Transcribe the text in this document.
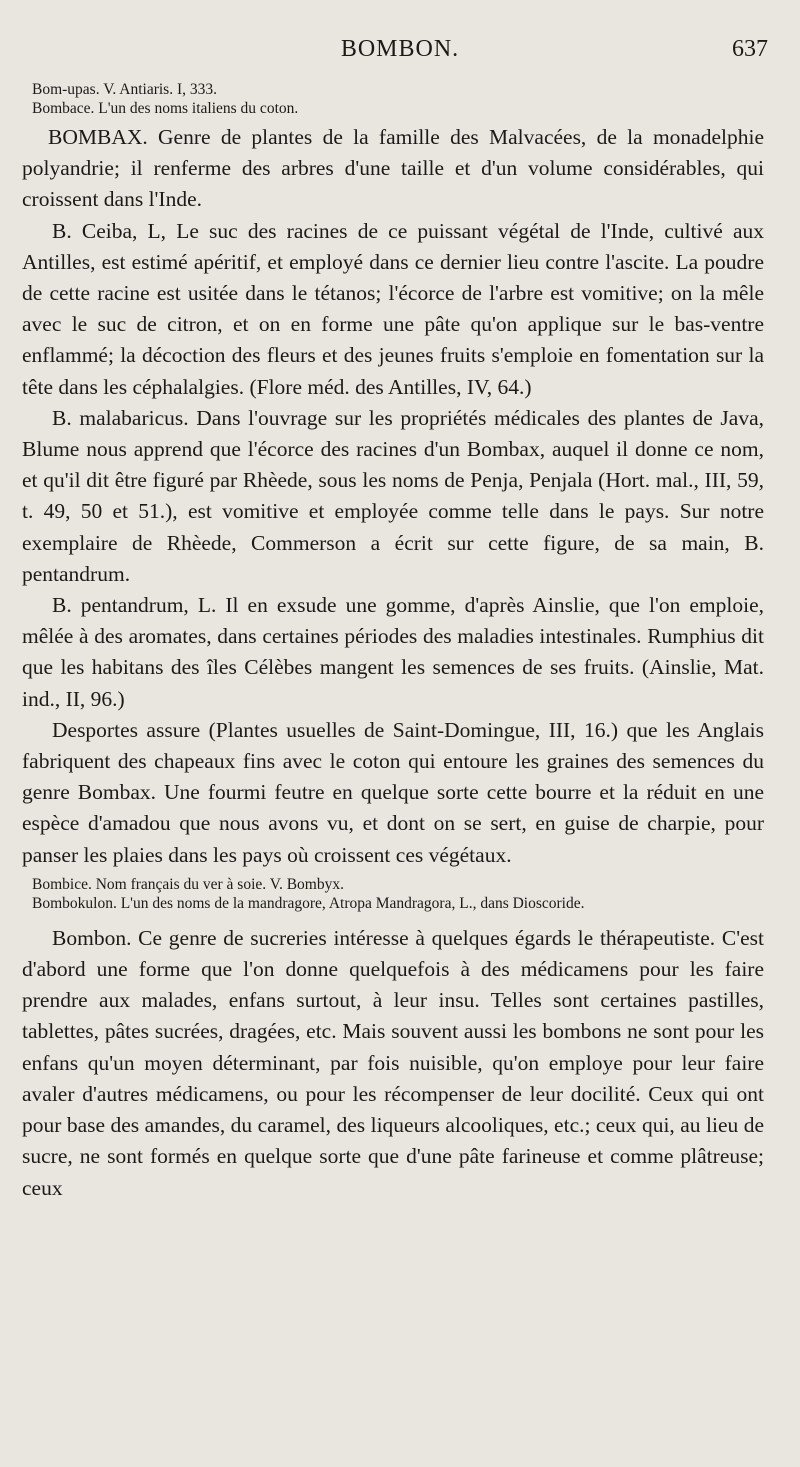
BOMBON.	637

Bom-upas. V. Antiaris. I, 333.

Bombace. L'un des noms italiens du coton.

BOMBAX. Genre de plantes de la famille des Malvacées, de la monadelphie polyandrie; il renferme des arbres d'une taille et d'un volume considérables, qui croissent dans l'Inde.

B. Ceiba, L, Le suc des racines de ce puissant végétal de l'Inde, cultivé aux Antilles, est estimé apéritif, et employé dans ce dernier lieu contre l'ascite. La poudre de cette racine est usitée dans le tétanos; l'écorce de l'arbre est vomitive; on la mêle avec le suc de citron, et on en forme une pâte qu'on applique sur le bas-ventre enflammé; la décoction des fleurs et des jeunes fruits s'emploie en fomentation sur la tête dans les céphalalgies. (Flore méd. des Antilles, IV, 64.)

B. malabaricus. Dans l'ouvrage sur les propriétés médicales des plantes de Java, Blume nous apprend que l'écorce des racines d'un Bombax, auquel il donne ce nom, et qu'il dit être figuré par Rhèede, sous les noms de Penja, Penjala (Hort. mal., III, 59, t. 49, 50 et 51.), est vomitive et employée comme telle dans le pays. Sur notre exemplaire de Rhèede, Commerson a écrit sur cette figure, de sa main, B. pentandrum.

B. pentandrum, L. Il en exsude une gomme, d'après Ainslie, que l'on emploie, mêlée à des aromates, dans certaines périodes des maladies intestinales. Rumphius dit que les habitans des îles Célèbes mangent les semences de ses fruits. (Ainslie, Mat. ind., II, 96.)

Desportes assure (Plantes usuelles de Saint-Domingue, III, 16.) que les Anglais fabriquent des chapeaux fins avec le coton qui entoure les graines des semences du genre Bombax. Une fourmi feutre en quelque sorte cette bourre et la réduit en une espèce d'amadou que nous avons vu, et dont on se sert, en guise de charpie, pour panser les plaies dans les pays où croissent ces végétaux.

Bombice. Nom français du ver à soie. V. Bombyx.

Bombokulon. L'un des noms de la mandragore, Atropa Mandragora, L., dans Dioscoride.

Bombon. Ce genre de sucreries intéresse à quelques égards le thérapeutiste. C'est d'abord une forme que l'on donne quelquefois à des médicamens pour les faire prendre aux malades, enfans surtout, à leur insu. Telles sont certaines pastilles, tablettes, pâtes sucrées, dragées, etc. Mais souvent aussi les bombons ne sont pour les enfans qu'un moyen déterminant, par fois nuisible, qu'on employe pour leur faire avaler d'autres médicamens, ou pour les récompenser de leur docilité. Ceux qui ont pour base des amandes, du caramel, des liqueurs alcooliques, etc.; ceux qui, au lieu de sucre, ne sont formés en quelque sorte que d'une pâte farineuse et comme plâtreuse; ceux
